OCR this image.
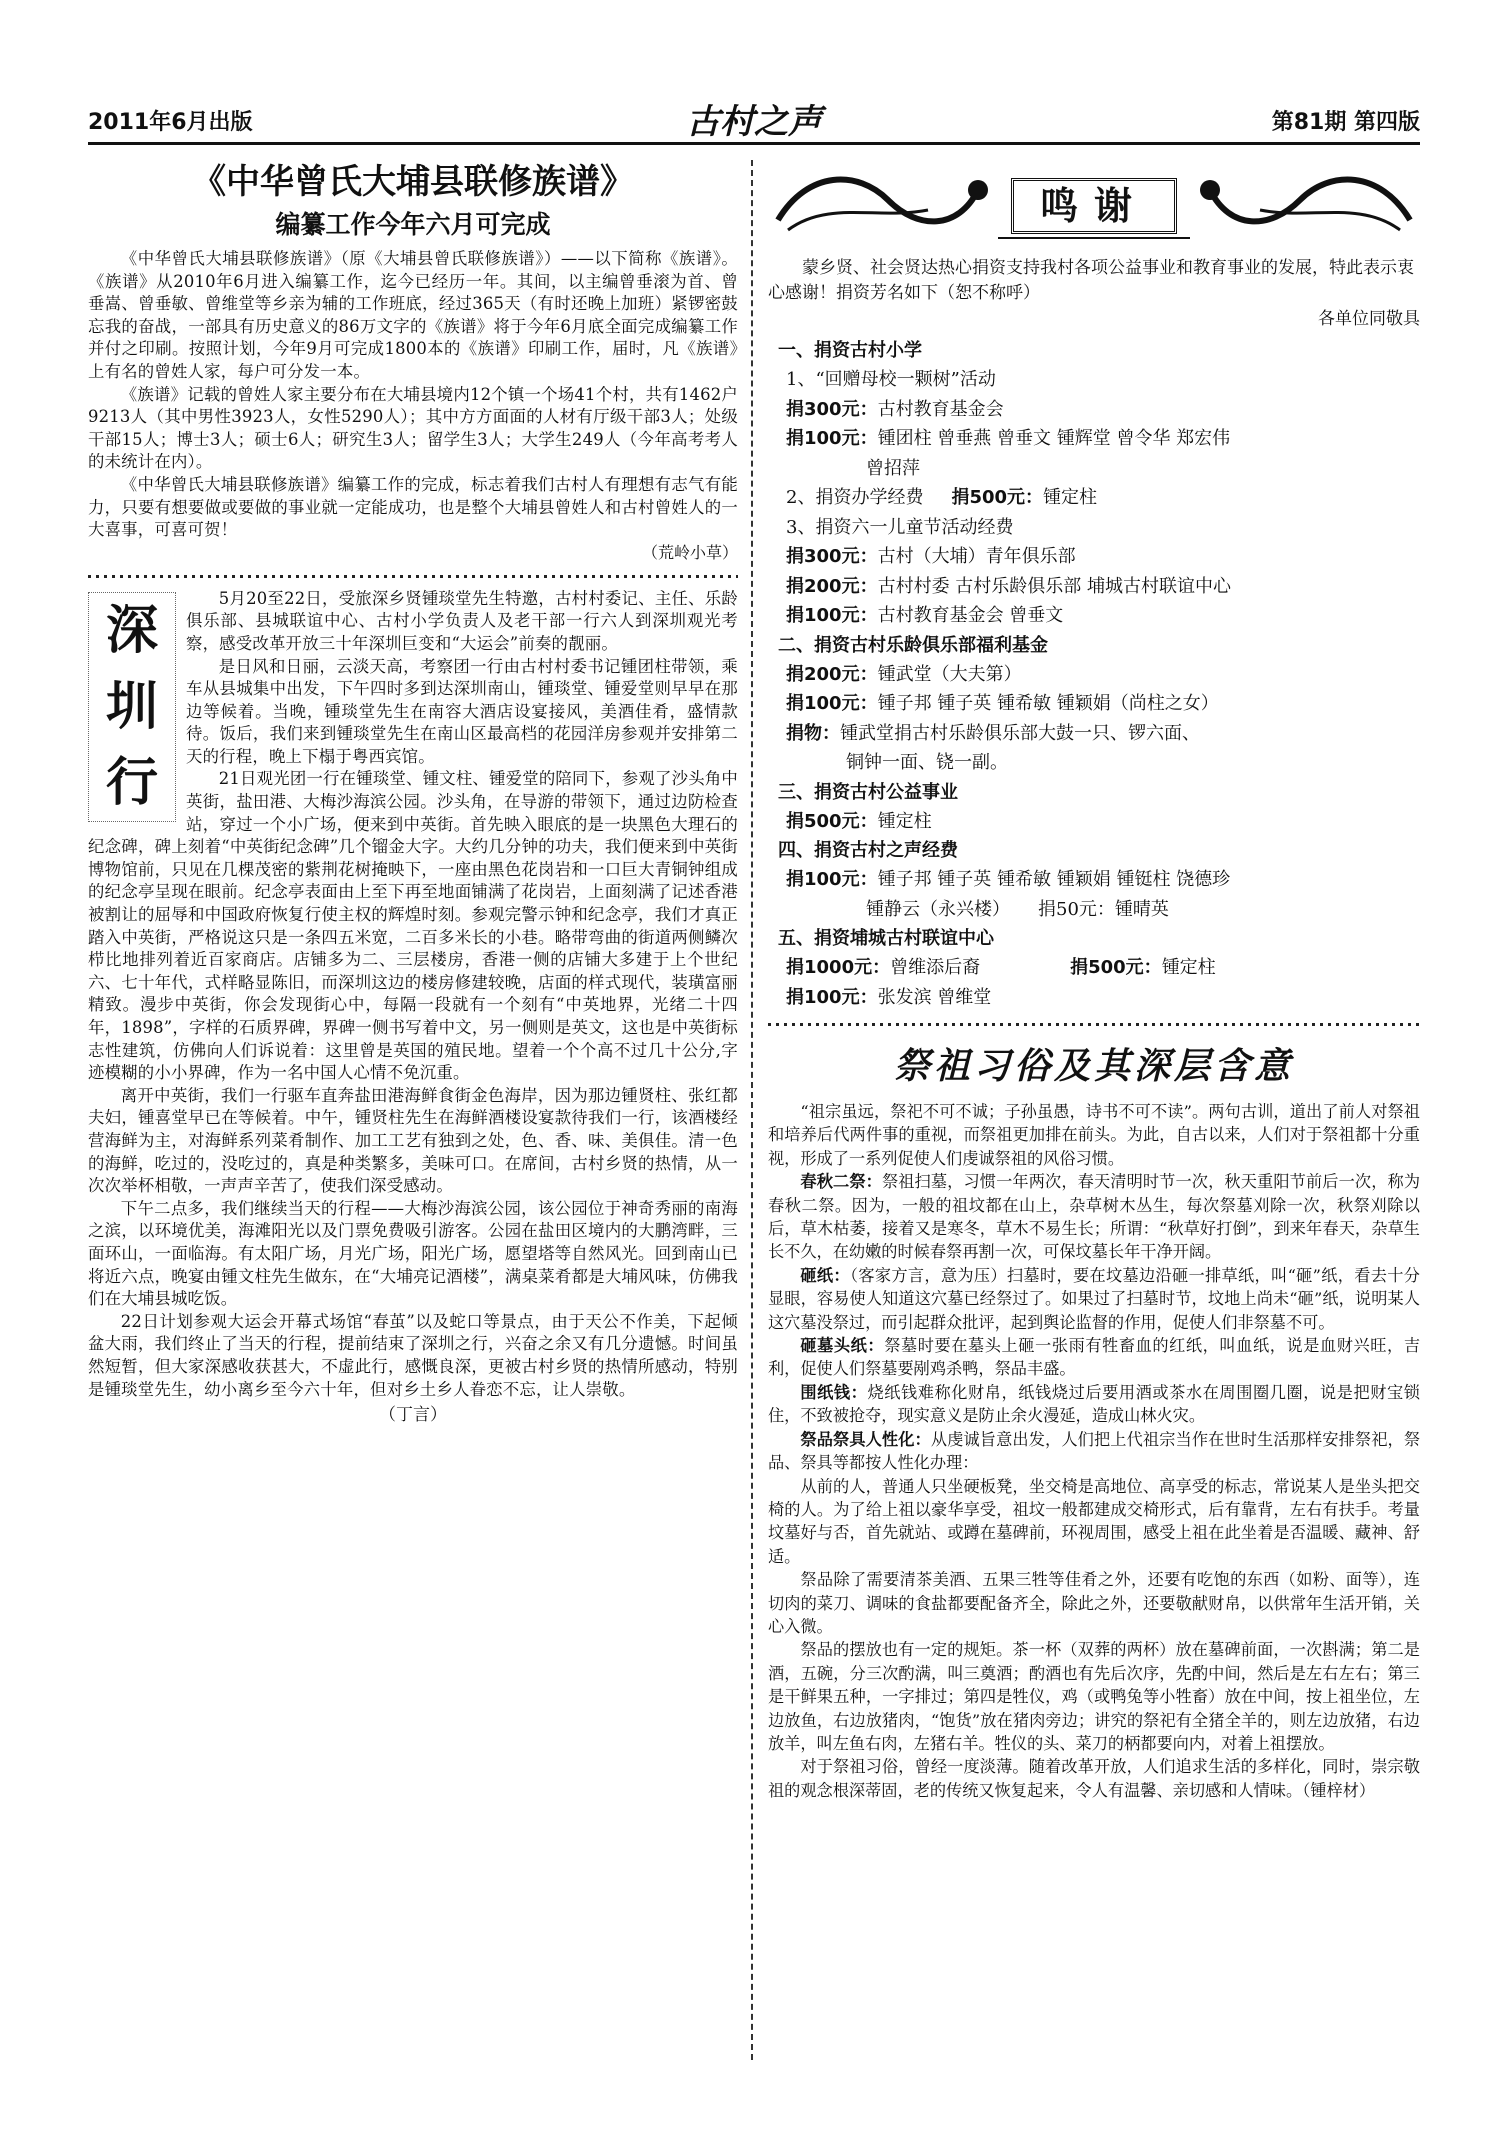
2011年6月出版	古村之声	第81期 第四版
《中华曾氏大埔县联修族谱》
编纂工作今年六月可完成

《中华曾氏大埔县联修族谱》（原《大埔县曾氏联修族谱》）——以下简称《族谱》。《族谱》从2010年6月进入编纂工作，迄今已经历一年。其间，以主编曾垂滚为首、曾垂嵩、曾垂敏、曾维堂等乡亲为辅的工作班底，经过365天（有时还晚上加班）紧锣密鼓忘我的奋战，一部具有历史意义的86万文字的《族谱》将于今年6月底全面完成编纂工作并付之印刷。按照计划，今年9月可完成1800本的《族谱》印刷工作，届时，凡《族谱》上有名的曾姓人家，每户可分发一本。

《族谱》记载的曾姓人家主要分布在大埔县境内12个镇一个场41个村，共有1462户9213人（其中男性3923人，女性5290人）；其中方方面面的人材有厅级干部3人；处级干部15人；博士3人；硕士6人；研究生3人；留学生3人；大学生249人（今年高考考人的未统计在内）。

《中华曾氏大埔县联修族谱》编纂工作的完成，标志着我们古村人有理想有志气有能力，只要有想要做或要做的事业就一定能成功，也是整个大埔县曾姓人和古村曾姓人的一大喜事，可喜可贺！

（荒岭小草）

深
圳
行

5月20至22日，受旅深乡贤锺琰堂先生特邀，古村村委记、主任、乐龄俱乐部、县城联谊中心、古村小学负责人及老干部一行六人到深圳观光考察，感受改革开放三十年深圳巨变和“大运会”前奏的靓丽。

是日风和日丽，云淡天高，考察团一行由古村村委书记锺团柱带领，乘车从县城集中出发，下午四时多到达深圳南山，锺琰堂、锺爱堂则早早在那边等候着。当晚，锺琰堂先生在南容大酒店设宴接风，美酒佳肴，盛情款待。饭后，我们来到锺琰堂先生在南山区最高档的花园洋房参观并安排第二天的行程，晚上下榻于粤西宾馆。

21日观光团一行在锺琰堂、锺文柱、锺爱堂的陪同下，参观了沙头角中英街，盐田港、大梅沙海滨公园。沙头角，在导游的带领下，通过边防检查站，穿过一个小广场，便来到中英街。首先映入眼底的是一块黑色大理石的纪念碑，碑上刻着“中英街纪念碑”几个镏金大字。大约几分钟的功夫，我们便来到中英街博物馆前，只见在几棵茂密的紫荆花树掩映下，一座由黑色花岗岩和一口巨大青铜钟组成的纪念亭呈现在眼前。纪念亭表面由上至下再至地面铺满了花岗岩，上面刻满了记述香港被割让的屈辱和中国政府恢复行使主权的辉煌时刻。参观完警示钟和纪念亭，我们才真正踏入中英街，严格说这只是一条四五米宽，二百多米长的小巷。略带弯曲的街道两侧鳞次栉比地排列着近百家商店。店铺多为二、三层楼房，香港一侧的店铺大多建于上个世纪六、七十年代，式样略显陈旧，而深圳这边的楼房修建较晚，店面的样式现代，装璜富丽精致。漫步中英街，你会发现街心中，每隔一段就有一个刻有“中英地界，光绪二十四年，1898”，字样的石质界碑，界碑一侧书写着中文，另一侧则是英文，这也是中英街标志性建筑，仿佛向人们诉说着：这里曾是英国的殖民地。望着一个个高不过几十公分,字迹模糊的小小界碑，作为一名中国人心情不免沉重。

离开中英街，我们一行驱车直奔盐田港海鲜食街金色海岸，因为那边锺贤柱、张红都夫妇，锺喜堂早已在等候着。中午，锺贤柱先生在海鲜酒楼设宴款待我们一行，该酒楼经营海鲜为主，对海鲜系列菜肴制作、加工工艺有独到之处，色、香、味、美俱佳。清一色的海鲜，吃过的，没吃过的，真是种类繁多，美味可口。在席间，古村乡贤的热情，从一次次举杯相敬，一声声辛苦了，使我们深受感动。

下午二点多，我们继续当天的行程——大梅沙海滨公园，该公园位于神奇秀丽的南海之滨，以环境优美，海滩阳光以及门票免费吸引游客。公园在盐田区境内的大鹏湾畔，三面环山，一面临海。有太阳广场，月光广场，阳光广场，愿望塔等自然风光。回到南山已将近六点，晚宴由锺文柱先生做东，在“大埔亮记酒楼”，满桌菜肴都是大埔风味，仿佛我们在大埔县城吃饭。

22日计划参观大运会开幕式场馆“春茧”以及蛇口等景点，由于天公不作美，下起倾盆大雨，我们终止了当天的行程，提前结束了深圳之行，兴奋之余又有几分遗憾。时间虽然短暂，但大家深感收获甚大，不虚此行，感慨良深，更被古村乡贤的热情所感动，特别是锺琰堂先生，幼小离乡至今六十年，但对乡土乡人眷恋不忘，让人崇敬。

（丁言）
鸣谢

蒙乡贤、社会贤达热心捐资支持我村各项公益事业和教育事业的发展，特此表示衷心感谢！捐资芳名如下（恕不称呼）

各单位同敬具

一、捐资古村小学

1、“回赠母校一颗树”活动

捐300元：古村教育基金会

捐100元：锺团柱 曾垂燕 曾垂文 锺辉堂 曾令华 郑宏伟

曾招萍

2、捐资办学经费 捐500元：锺定柱

3、捐资六一儿童节活动经费

捐300元：古村（大埔）青年俱乐部

捐200元：古村村委 古村乐龄俱乐部 埔城古村联谊中心

捐100元：古村教育基金会 曾垂文

二、捐资古村乐龄俱乐部福利基金

捐200元：锺武堂（大夫第）

捐100元：锺子邦 锺子英 锺希敏 锺颖娟（尚柱之女）

捐物：锺武堂捐古村乐龄俱乐部大鼓一只、锣六面、

铜钟一面、铙一副。

三、捐资古村公益事业

捐500元：锺定柱

四、捐资古村之声经费

捐100元：锺子邦 锺子英 锺希敏 锺颖娟 锺铤柱 饶德珍

锺静云（永兴楼） 捐50元：锺晴英

五、捐资埔城古村联谊中心

捐1000元：曾维添后裔	捐500元：锺定柱

捐100元：张发滨 曾维堂

祭祖习俗及其深层含意

“祖宗虽远，祭祀不可不诚；子孙虽愚，诗书不可不读”。两句古训，道出了前人对祭祖和培养后代两件事的重视，而祭祖更加排在前头。为此，自古以来，人们对于祭祖都十分重视，形成了一系列促使人们虔诚祭祖的风俗习惯。

春秋二祭：祭祖扫墓，习惯一年两次，春天清明时节一次，秋天重阳节前后一次，称为春秋二祭。因为，一般的祖坟都在山上，杂草树木丛生，每次祭墓刈除一次，秋祭刈除以后，草木枯萎，接着又是寒冬，草木不易生长；所谓：“秋草好打倒”，到来年春天，杂草生长不久，在幼嫩的时候春祭再割一次，可保坟墓长年干净开阔。

砸纸：（客家方言，意为压）扫墓时，要在坟墓边沿砸一排草纸，叫“砸”纸，看去十分显眼，容易使人知道这穴墓已经祭过了。如果过了扫墓时节，坟地上尚未“砸”纸，说明某人这穴墓没祭过，而引起群众批评，起到舆论监督的作用，促使人们非祭墓不可。

砸墓头纸：祭墓时要在墓头上砸一张雨有牲畜血的红纸，叫血纸，说是血财兴旺，吉利，促使人们祭墓要剐鸡杀鸭，祭品丰盛。

围纸钱：烧纸钱难称化财帛，纸钱烧过后要用酒或茶水在周围圈几圈，说是把财宝锁住，不致被抢夺，现实意义是防止余火漫延，造成山林火灾。

祭品祭具人性化：从虔诚旨意出发，人们把上代祖宗当作在世时生活那样安排祭祀，祭品、祭具等都按人性化办理：

从前的人，普通人只坐硬板凳，坐交椅是高地位、高享受的标志，常说某人是坐头把交椅的人。为了给上祖以豪华享受，祖坟一般都建成交椅形式，后有靠背，左右有扶手。考量坟墓好与否，首先就站、或蹲在墓碑前，环视周围，感受上祖在此坐着是否温暖、藏神、舒适。

祭品除了需要清茶美酒、五果三牲等佳肴之外，还要有吃饱的东西（如粉、面等），连切肉的菜刀、调味的食盐都要配备齐全，除此之外，还要敬献财帛，以供常年生活开销，关心入微。

祭品的摆放也有一定的规矩。茶一杯（双葬的两杯）放在墓碑前面，一次斟满；第二是酒，五碗，分三次酌满，叫三奠酒；酌酒也有先后次序，先酌中间，然后是左右左右；第三是干鲜果五种，一字排过；第四是牲仪，鸡（或鸭兔等小牲畜）放在中间，按上祖坐位，左边放鱼，右边放猪肉，“饱货”放在猪肉旁边；讲究的祭祀有全猪全羊的，则左边放猪，右边放羊，叫左鱼右肉，左猪右羊。牲仪的头、菜刀的柄都要向内，对着上祖摆放。

对于祭祖习俗，曾经一度淡薄。随着改革开放，人们追求生活的多样化，同时，崇宗敬祖的观念根深蒂固，老的传统又恢复起来，令人有温馨、亲切感和人情味。（锺梓材）
